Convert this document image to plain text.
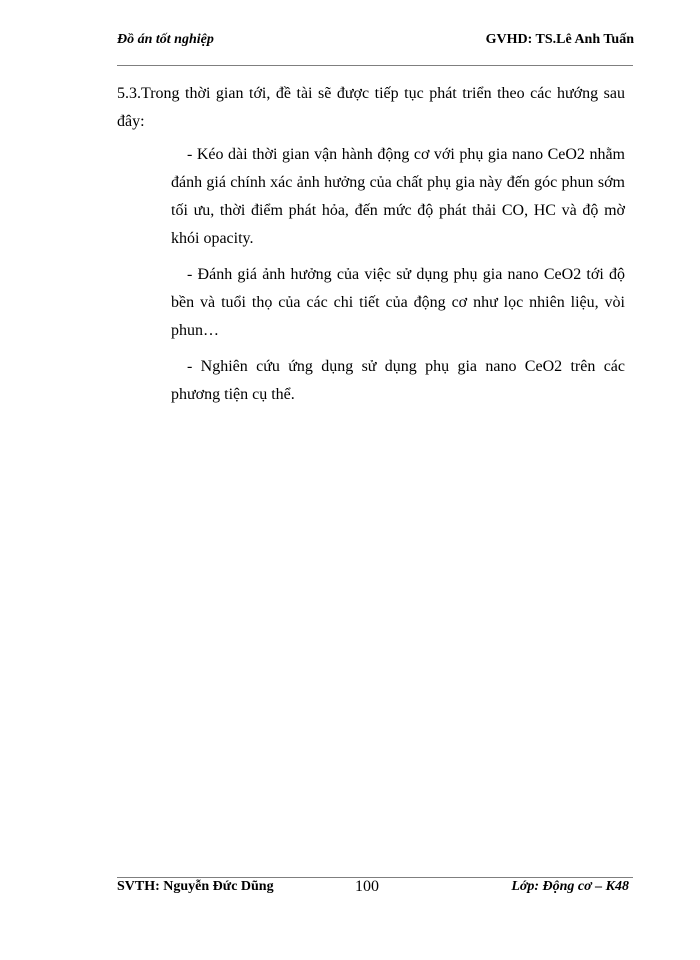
Đồ án tốt nghiệp	GVHD: TS.Lê Anh Tuấn
5.3.Trong thời gian tới, đề tài sẽ được tiếp tục phát triển theo các hướng sau đây:

- Kéo dài thời gian vận hành động cơ với phụ gia nano CeO2 nhằm đánh giá chính xác ảnh hưởng của chất phụ gia này đến góc phun sớm tối ưu, thời điểm phát hỏa, đến mức độ phát thải CO, HC và độ mờ khói opacity.

- Đánh giá ảnh hưởng của việc sử dụng phụ gia nano CeO2 tới độ bền và tuổi thọ của các chi tiết của động cơ như lọc nhiên liệu, vòi phun…

- Nghiên cứu ứng dụng sử dụng phụ gia nano CeO2 trên các phương tiện cụ thể.

SVTH: Nguyễn Đức Dũng	100	Lớp: Động cơ – K48
